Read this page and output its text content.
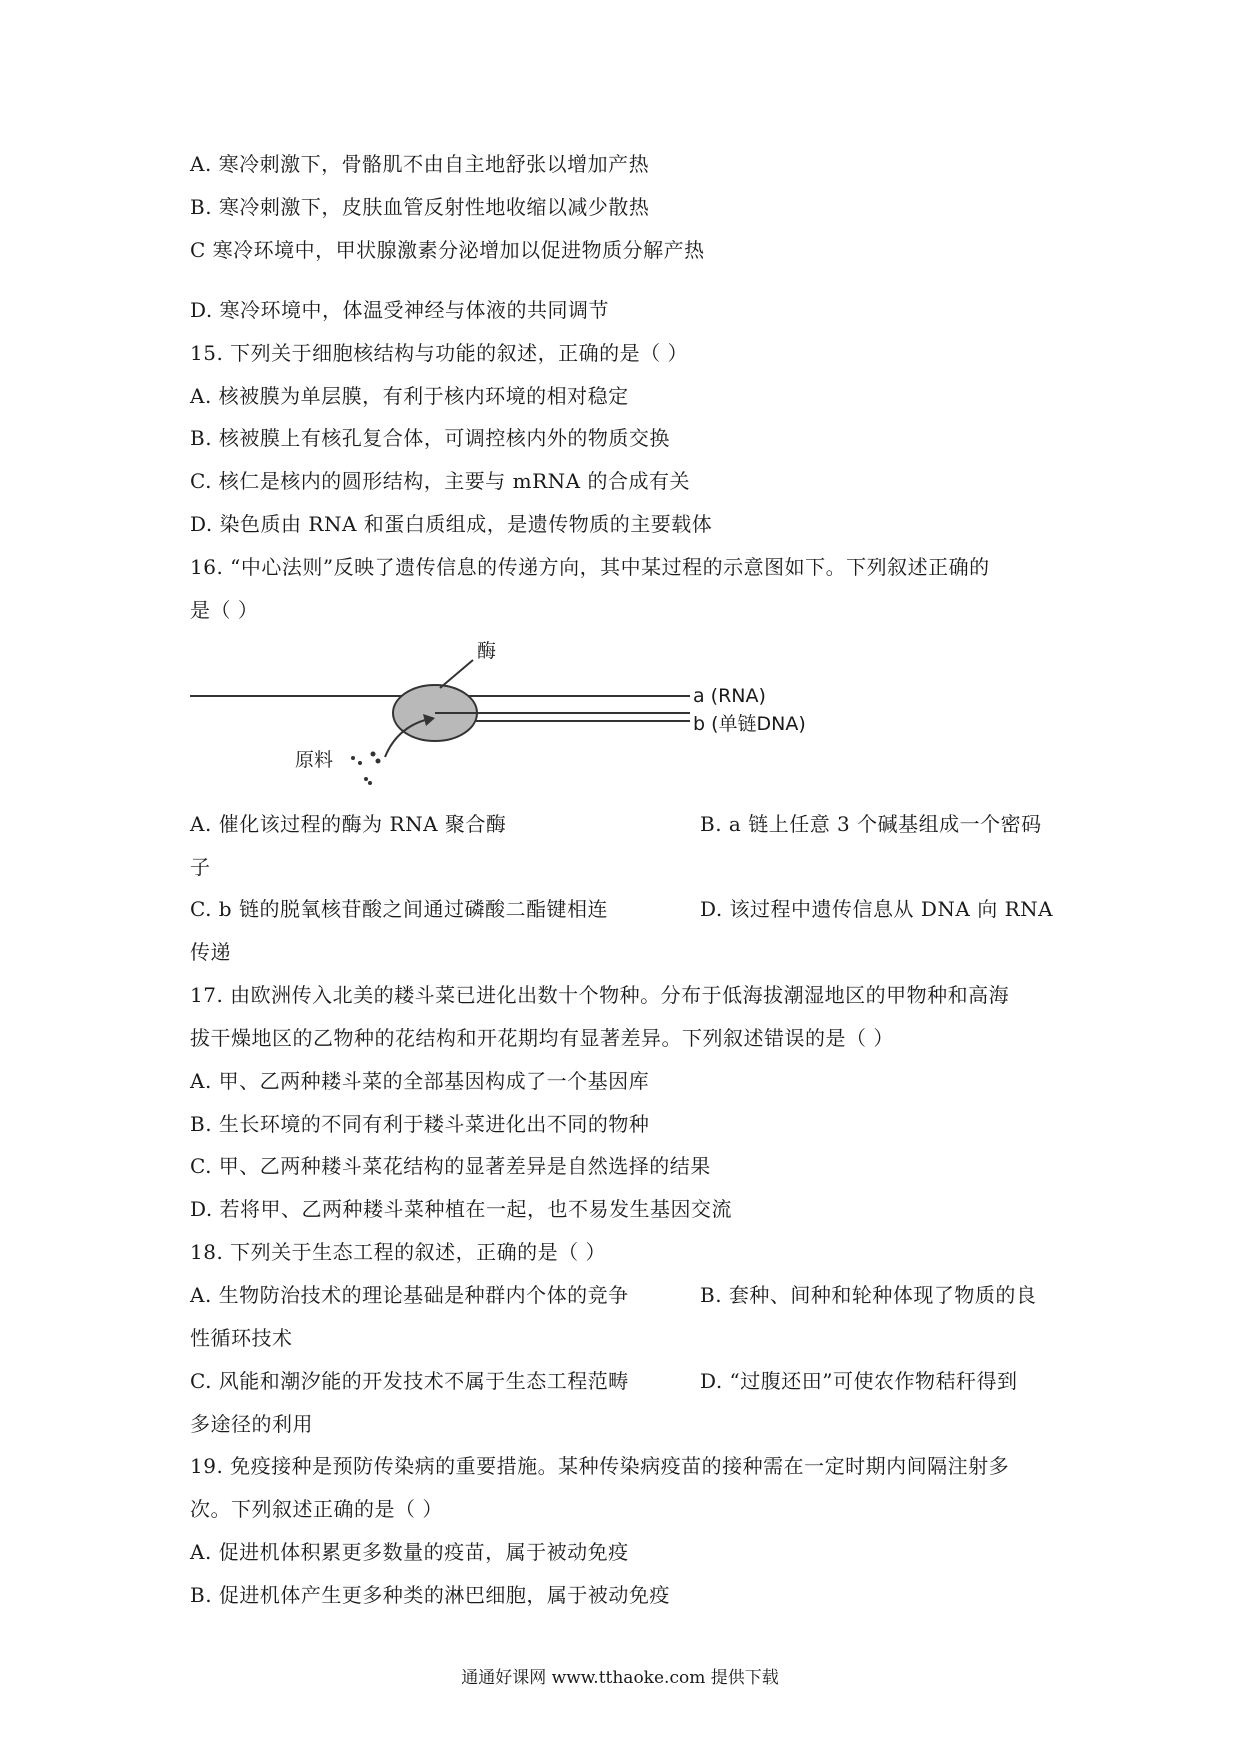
A. 寒冷刺激下，骨骼肌不由自主地舒张以增加产热
B. 寒冷刺激下，皮肤血管反射性地收缩以减少散热
C 寒冷环境中，甲状腺激素分泌增加以促进物质分解产热
D. 寒冷环境中，体温受神经与体液的共同调节
15. 下列关于细胞核结构与功能的叙述，正确的是（ ）
A. 核被膜为单层膜，有利于核内环境的相对稳定
B. 核被膜上有核孔复合体，可调控核内外的物质交换
C. 核仁是核内的圆形结构，主要与 mRNA 的合成有关
D. 染色质由 RNA 和蛋白质组成，是遗传物质的主要载体
16. “中心法则”反映了遗传信息的传递方向，其中某过程的示意图如下。下列叙述正确的
是（ ）
酶
a (RNA)
b (单链DNA)
原料
A. 催化该过程的酶为 RNA 聚合酶	B. a 链上任意 3 个碱基组成一个密码
子
C. b 链的脱氧核苷酸之间通过磷酸二酯键相连	D. 该过程中遗传信息从 DNA 向 RNA
传递
17. 由欧洲传入北美的耧斗菜已进化出数十个物种。分布于低海拔潮湿地区的甲物种和高海
拔干燥地区的乙物种的花结构和开花期均有显著差异。下列叙述错误的是（ ）
A. 甲、乙两种耧斗菜的全部基因构成了一个基因库
B. 生长环境的不同有利于耧斗菜进化出不同的物种
C. 甲、乙两种耧斗菜花结构的显著差异是自然选择的结果
D. 若将甲、乙两种耧斗菜种植在一起，也不易发生基因交流
18. 下列关于生态工程的叙述，正确的是（ ）
A. 生物防治技术的理论基础是种群内个体的竞争	B. 套种、间种和轮种体现了物质的良
性循环技术
C. 风能和潮汐能的开发技术不属于生态工程范畴	D. “过腹还田”可使农作物秸秆得到
多途径的利用
19. 免疫接种是预防传染病的重要措施。某种传染病疫苗的接种需在一定时期内间隔注射多
次。下列叙述正确的是（ ）
A. 促进机体积累更多数量的疫苗，属于被动免疫
B. 促进机体产生更多种类的淋巴细胞，属于被动免疫
通通好课网 www.tthaoke.com 提供下载
